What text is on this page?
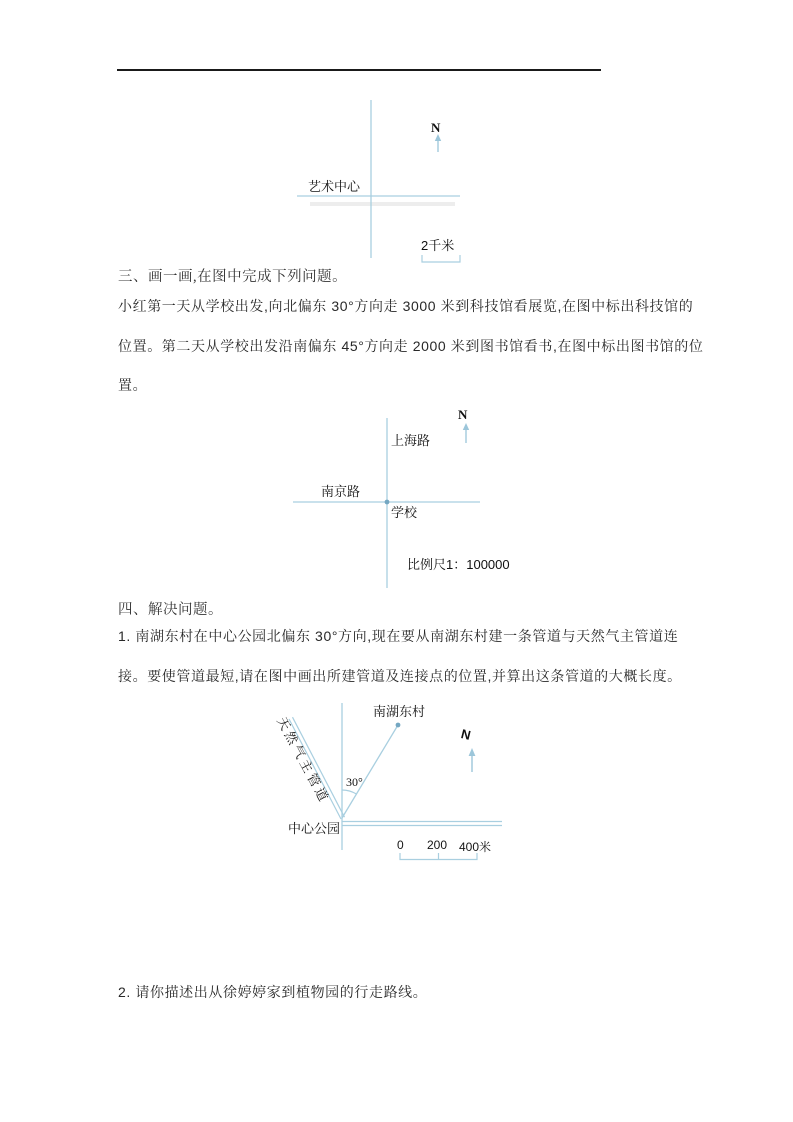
艺术中心
N
2千米
三、画一画,在图中完成下列问题。
小红第一天从学校出发,向北偏东 30°方向走 3000 米到科技馆看展览,在图中标出科技馆的
位置。第二天从学校出发沿南偏东 45°方向走 2000 米到图书馆看书,在图中标出图书馆的位
置。
上海路
南京路
学校
比例尺1：100000
N
四、解决问题。
1. 南湖东村在中心公园北偏东 30°方向,现在要从南湖东村建一条管道与天然气主管道连
接。要使管道最短,请在图中画出所建管道及连接点的位置,并算出这条管道的大概长度。
南湖东村
天然气主管道 30°
中心公园
N
0 200 400米
2. 请你描述出从徐婷婷家到植物园的行走路线。
